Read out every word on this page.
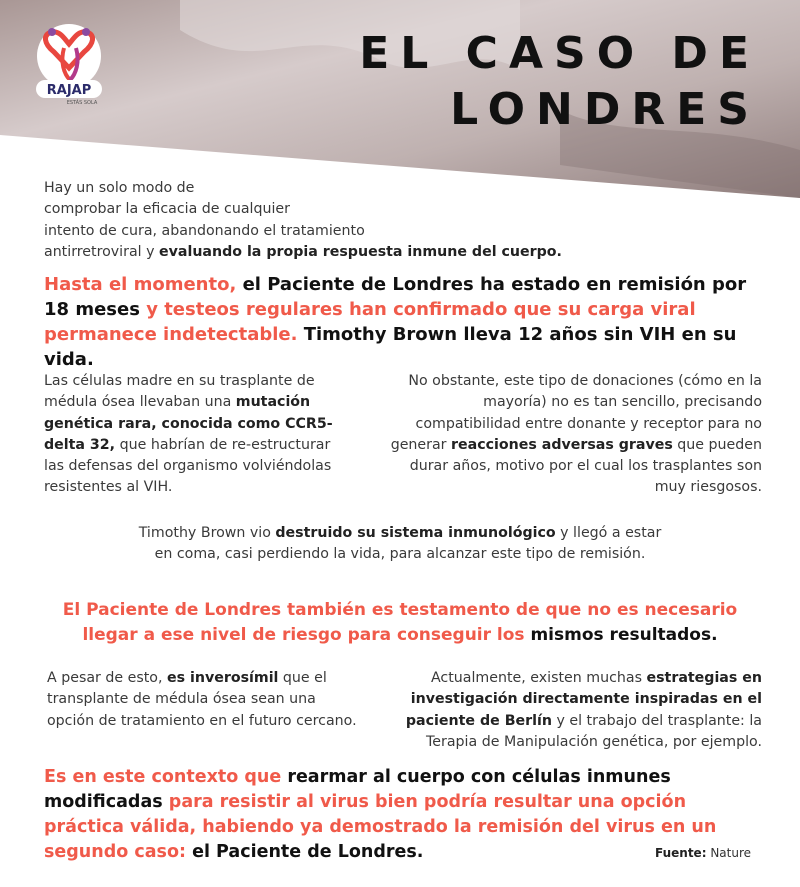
RAJAP
ESTÁS SOLA
EL CASO DE
LONDRES

Hay un solo modo de
comprobar la eficacia de cualquier
intento de cura, abandonando el tratamiento
antirretroviral y evaluando la propia respuesta inmune del cuerpo.

Hasta el momento, el Paciente de Londres ha estado en remisión por 18 meses y testeos regulares han confirmado que su carga viral permanece indetectable. Timothy Brown lleva 12 años sin VIH en su vida.

Las células madre en su trasplante de médula ósea llevaban una mutación genética rara, conocida como CCR5-delta 32, que habrían de re-estructurar las defensas del organismo volviéndolas resistentes al VIH.

No obstante, este tipo de donaciones (cómo en la mayoría) no es tan sencillo, precisando compatibilidad entre donante y receptor para no generar reacciones adversas graves que pueden durar años, motivo por el cual los trasplantes son muy riesgosos.

Timothy Brown vio destruido su sistema inmunológico y llegó a estar en coma, casi perdiendo la vida, para alcanzar este tipo de remisión.

El Paciente de Londres también es testamento de que no es necesario llegar a ese nivel de riesgo para conseguir los mismos resultados.

A pesar de esto, es inverosímil que el transplante de médula ósea sean una opción de tratamiento en el futuro cercano.

Actualmente, existen muchas estrategias en investigación directamente inspiradas en el paciente de Berlín y el trabajo del trasplante: la Terapia de Manipulación genética, por ejemplo.

Es en este contexto que rearmar al cuerpo con células inmunes modificadas para resistir al virus bien podría resultar una opción práctica válida, habiendo ya demostrado la remisión del virus en un segundo caso: el Paciente de Londres.	Fuente: Nature
